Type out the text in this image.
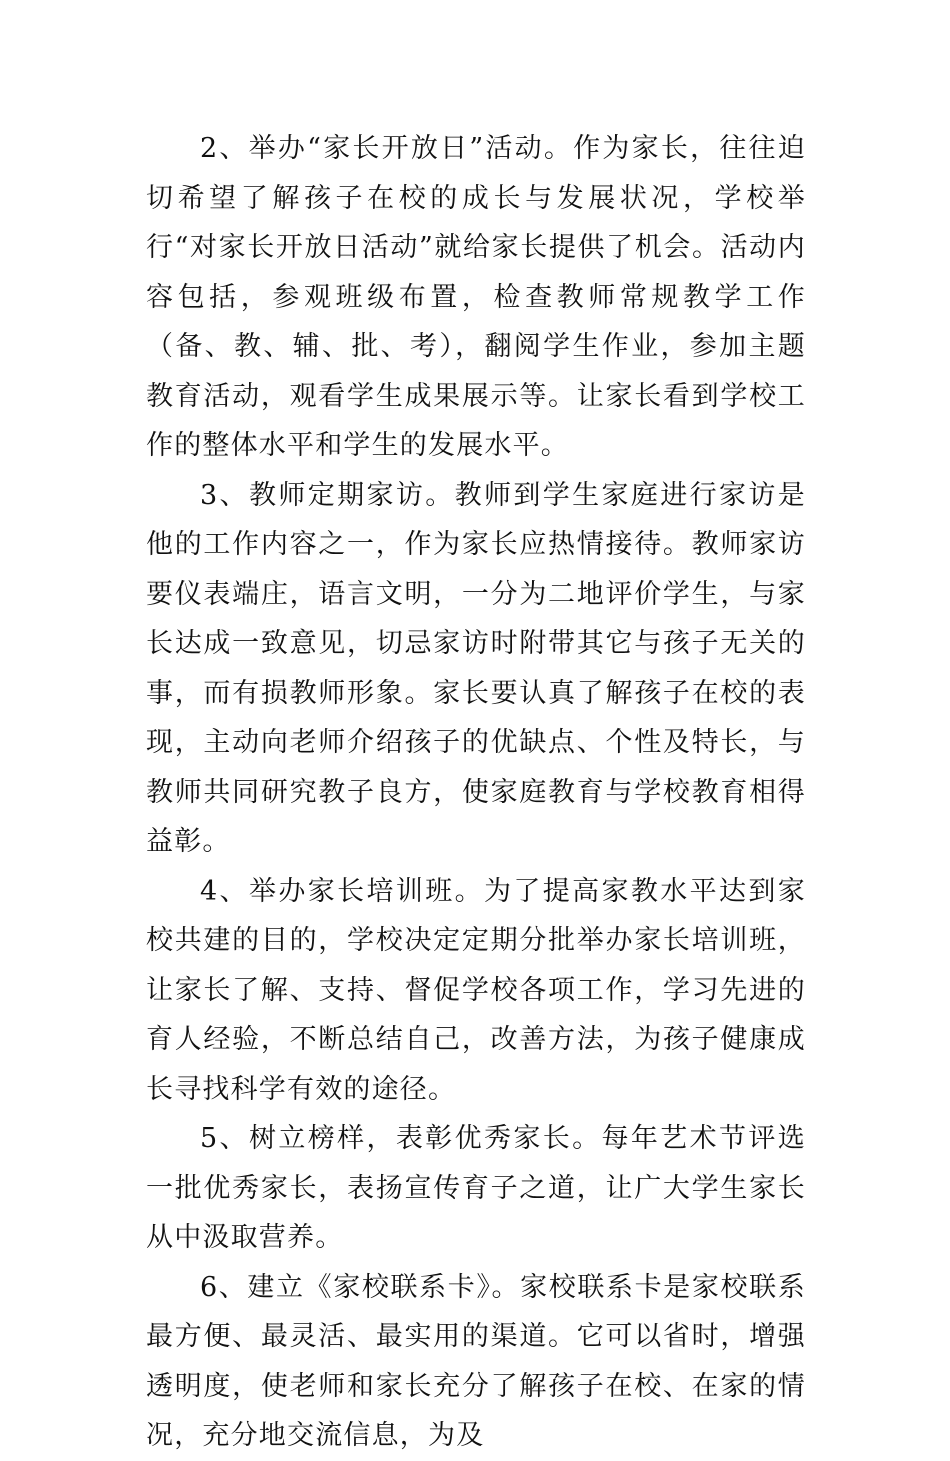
2、举办“家长开放日”活动。作为家长，往往迫切希望了解孩子在校的成长与发展状况，学校举行“对家长开放日活动”就给家长提供了机会。活动内容包括，参观班级布置，检查教师常规教学工作（备、教、辅、批、考），翻阅学生作业，参加主题教育活动，观看学生成果展示等。让家长看到学校工作的整体水平和学生的发展水平。

3、教师定期家访。教师到学生家庭进行家访是他的工作内容之一，作为家长应热情接待。教师家访要仪表端庄，语言文明，一分为二地评价学生，与家长达成一致意见，切忌家访时附带其它与孩子无关的事，而有损教师形象。家长要认真了解孩子在校的表现，主动向老师介绍孩子的优缺点、个性及特长，与教师共同研究教子良方，使家庭教育与学校教育相得益彰。

4、举办家长培训班。为了提高家教水平达到家校共建的目的，学校决定定期分批举办家长培训班，让家长了解、支持、督促学校各项工作，学习先进的育人经验，不断总结自己，改善方法，为孩子健康成长寻找科学有效的途径。

5、树立榜样，表彰优秀家长。每年艺术节评选一批优秀家长，表扬宣传育子之道，让广大学生家长从中汲取营养。

6、建立《家校联系卡》。家校联系卡是家校联系最方便、最灵活、最实用的渠道。它可以省时，增强透明度，使老师和家长充分了解孩子在校、在家的情况，充分地交流信息，为及
